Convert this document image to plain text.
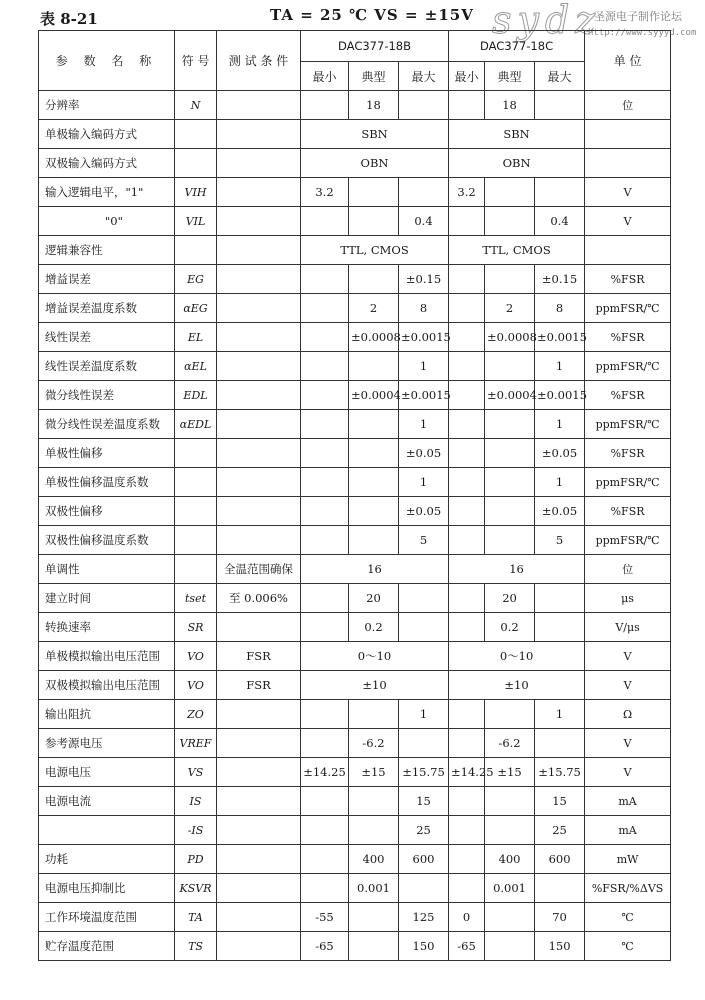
表 8-21	TA = 25 ℃ VS = ±15V sydz
圣源电子制作论坛
http://www.syyyd.com
参 数 名 称	符 号	测 试 条 件	DAC377-18B			DAC377-18C			单 位
			最小	典型	最大	最小	典型	最大	
分辨率	N			18			18		位
单极输入编码方式			SBN			SBN			
双极输入编码方式			OBN			OBN			
输入逻辑电平，"1"	VIH		3.2			3.2			V
"0"	VIL				0.4			0.4	V
逻辑兼容性			TTL, CMOS			TTL, CMOS			
增益误差	EG				±0.15			±0.15	%FSR
增益误差温度系数	αEG			2	8		2	8	ppmFSR/℃
线性误差	EL			±0.0008	±0.0015		±0.0008	±0.0015	%FSR
线性误差温度系数	αEL				1			1	ppmFSR/℃
微分线性误差	EDL			±0.0004	±0.0015		±0.0004	±0.0015	%FSR
微分线性误差温度系数	αEDL				1			1	ppmFSR/℃
单极性偏移					±0.05			±0.05	%FSR
单极性偏移温度系数					1			1	ppmFSR/℃
双极性偏移					±0.05			±0.05	%FSR
双极性偏移温度系数					5			5	ppmFSR/℃
单调性		全温范围确保	16			16			位
建立时间	tset	至 0.006%		20			20		μs
转换速率	SR			0.2			0.2		V/μs
单极模拟输出电压范围	VO	FSR	0～10			0～10			V
双极模拟输出电压范围	VO	FSR	±10			±10			V
输出阻抗	ZO				1			1	Ω
参考源电压	VREF			-6.2			-6.2		V
电源电压	VS		±14.25	±15	±15.75	±14.25	±15	±15.75	V
电源电流	IS				15			15	mA
	-IS				25			25	mA
功耗	PD			400	600		400	600	mW
电源电压抑制比	KSVR			0.001			0.001		%FSR/%ΔVS
工作环境温度范围	TA		-55		125	0		70	℃
贮存温度范围	TS		-65		150	-65		150	℃
